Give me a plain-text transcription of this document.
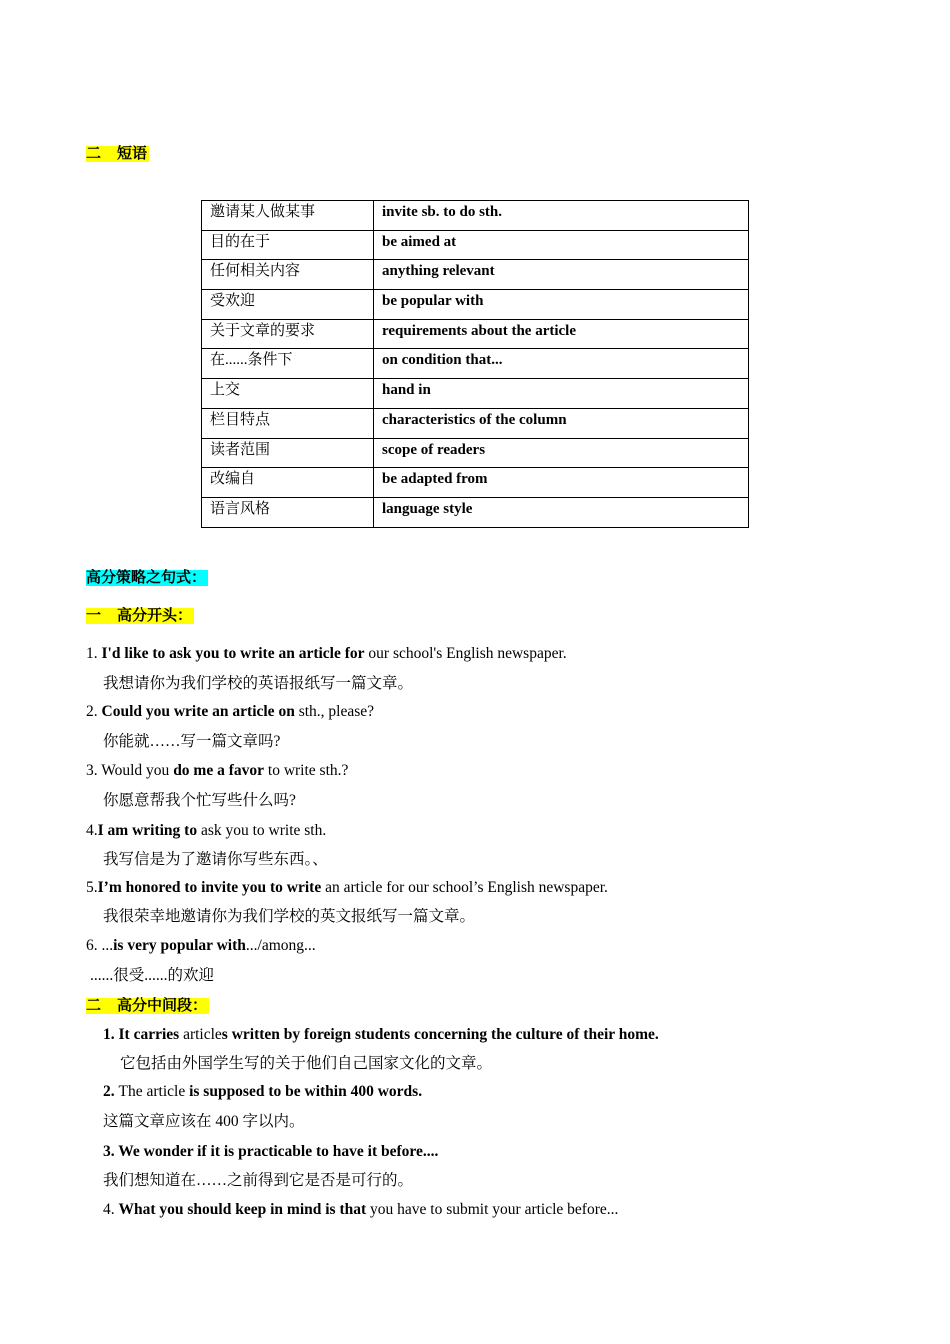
二 短语
邀请某人做某事	invite sb. to do sth.
目的在于	be aimed at
任何相关内容	anything relevant
受欢迎	be popular with
关于文章的要求	requirements about the article
在......条件下	on condition that...
上交	hand in
栏目特点	characteristics of the column
读者范围	scope of readers
改编自	be adapted from
语言风格	language style
高分策略之句式：
一 高分开头：
1. I'd like to ask you to write an article for our school's English newspaper.
我想请你为我们学校的英语报纸写一篇文章。
2. Could you write an article on sth., please?
你能就……写一篇文章吗?
3. Would you do me a favor to write sth.?
你愿意帮我个忙写些什么吗?
4.I am writing to ask you to write sth.
我写信是为了邀请你写些东西。、
5.I’m honored to invite you to write an article for our school’s English newspaper.
我很荣幸地邀请你为我们学校的英文报纸写一篇文章。
6. ...is very popular with.../among...
......很受......的欢迎
二 高分中间段：
1. It carries articles written by foreign students concerning the culture of their home.
它包括由外国学生写的关于他们自己国家文化的文章。
2. The article is supposed to be within 400 words.
这篇文章应该在 400 字以内。
3. We wonder if it is practicable to have it before....
我们想知道在……之前得到它是否是可行的。
4. What you should keep in mind is that you have to submit your article before...
